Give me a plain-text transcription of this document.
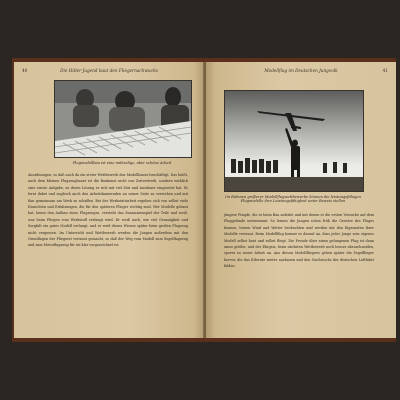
40	Die Hitler-Jugend baut den Fliegernachwuchs
Flugmodellbau ist eine mühselige, aber schöne Arbeit

Anordnungen, so daß auch da ein steter Wettbewerb den Modellbauer beschäftigt. Das heißt, auch dem kleinen Flugzeugbauer ist die Baukunst nicht nur Zeitvertreib, sondern wirklich eine ernste Aufgabe, zu deren Lösung er sich mit viel Mut und Ausdauer eingesetzt hat. Er lernt dabei und zugleich auch den Arbeitskameraden an seiner Seite zu verstehen und mit ihm gemeinsam am Werk zu schaffen. Bei der Werkstattarbeit ergeben sich von selbst viele Einsichten und Erfahrungen, die für den späteren Flieger wichtig sind. Wer Modelle gebaut hat, kennt den Aufbau eines Flugzeuges, versteht das Zusammenspiel der Teile und weiß, was beim Fliegen vom Werkstoff verlangt wird. Er weiß auch, wie viel Genauigkeit und Sorgfalt ein gutes Modell verlangt, und er wird dieses Wissen später beim großen Flugzeug nicht vergessen. Im Unterricht und Wettbewerb werden die Jungen außerdem mit den Grundlagen der Fliegerei vertraut gemacht, so daß der Weg vom Modell zum Segelflugzeug und zum Motorflugzeug für sie klar vorgezeichnet ist.

Modellflug im Deutschen Jungvolk	41
Im Rahmen größerer Modellflugwettbewerbe können die leistungsfähigen Flugmodelle ihre Leistungsfähigkeit unter Beweis stellen

jüngere Pimpfe, die er beim Bau anleitet und mit denen er die ersten Versuche auf dem Fluggelände unternimmt. So lernen die Jungen schon früh die Gesetze des Fluges kennen, lernen Wind und Wetter beobachten und werden mit den Eigenarten ihrer Modelle vertraut. Beim Modellflug kommt es darauf an, dass jeder Junge sein eigenes Modell selbst baut und selbst fliegt. Die Freude über einen gelungenen Flug ist dann umso größer, und der Ehrgeiz, beim nächsten Wettbewerb noch besser abzuschneiden, spornt zu neuer Arbeit an. Aus diesen Modellfliegern gehen später die Segelflieger hervor, die das Erlernte weiter ausbauen und den Nachwuchs der deutschen Luftfahrt bilden.
